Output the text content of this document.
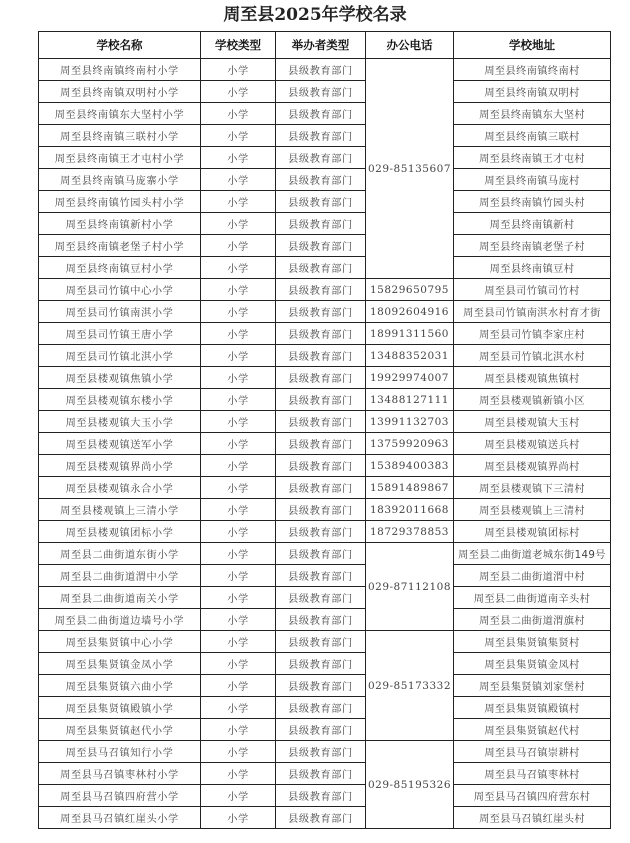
周至县2025年学校名录
学校名称	学校类型	举办者类型	办公电话	学校地址
周至县终南镇终南村小学	小学	县级教育部门	029-85135607	周至县终南镇终南村
周至县终南镇双明村小学	小学	县级教育部门		周至县终南镇双明村
周至县终南镇东大坚村小学	小学	县级教育部门		周至县终南镇东大坚村
周至县终南镇三联村小学	小学	县级教育部门		周至县终南镇三联村
周至县终南镇王才屯村小学	小学	县级教育部门		周至县终南镇王才屯村
周至县终南镇马庞寨小学	小学	县级教育部门		周至县终南镇马庞村
周至县终南镇竹园头村小学	小学	县级教育部门		周至县终南镇竹园头村
周至县终南镇新村小学	小学	县级教育部门		周至县终南镇新村
周至县终南镇老堡子村小学	小学	县级教育部门		周至县终南镇老堡子村
周至县终南镇豆村小学	小学	县级教育部门		周至县终南镇豆村
周至县司竹镇中心小学	小学	县级教育部门	15829650795	周至县司竹镇司竹村
周至县司竹镇南淇小学	小学	县级教育部门	18092604916	周至县司竹镇南淇水村育才街
周至县司竹镇王唐小学	小学	县级教育部门	18991311560	周至县司竹镇李家庄村
周至县司竹镇北淇小学	小学	县级教育部门	13488352031	周至县司竹镇北淇水村
周至县楼观镇焦镇小学	小学	县级教育部门	19929974007	周至县楼观镇焦镇村
周至县楼观镇东楼小学	小学	县级教育部门	13488127111	周至县楼观镇新镇小区
周至县楼观镇大玉小学	小学	县级教育部门	13991132703	周至县楼观镇大玉村
周至县楼观镇送军小学	小学	县级教育部门	13759920963	周至县楼观镇送兵村
周至县楼观镇界尚小学	小学	县级教育部门	15389400383	周至县楼观镇界尚村
周至县楼观镇永合小学	小学	县级教育部门	15891489867	周至县楼观镇下三清村
周至县楼观镇上三清小学	小学	县级教育部门	18392011668	周至县楼观镇上三清村
周至县楼观镇团标小学	小学	县级教育部门	18729378853	周至县楼观镇团标村
周至县二曲街道东街小学	小学	县级教育部门	029-87112108	周至县二曲街道老城东街149号
周至县二曲街道渭中小学	小学	县级教育部门		周至县二曲街道渭中村
周至县二曲街道南关小学	小学	县级教育部门		周至县二曲街道南辛头村
周至县二曲街道边墙号小学	小学	县级教育部门		周至县二曲街道渭旗村
周至县集贤镇中心小学	小学	县级教育部门	029-85173332	周至县集贤镇集贤村
周至县集贤镇金凤小学	小学	县级教育部门		周至县集贤镇金凤村
周至县集贤镇六曲小学	小学	县级教育部门		周至县集贤镇刘家堡村
周至县集贤镇殿镇小学	小学	县级教育部门		周至县集贤镇殿镇村
周至县集贤镇赵代小学	小学	县级教育部门		周至县集贤镇赵代村
周至县马召镇知行小学	小学	县级教育部门	029-85195326	周至县马召镇崇耕村
周至县马召镇枣林村小学	小学	县级教育部门		周至县马召镇枣林村
周至县马召镇四府营小学	小学	县级教育部门		周至县马召镇四府营东村
周至县马召镇红崖头小学	小学	县级教育部门		周至县马召镇红崖头村
